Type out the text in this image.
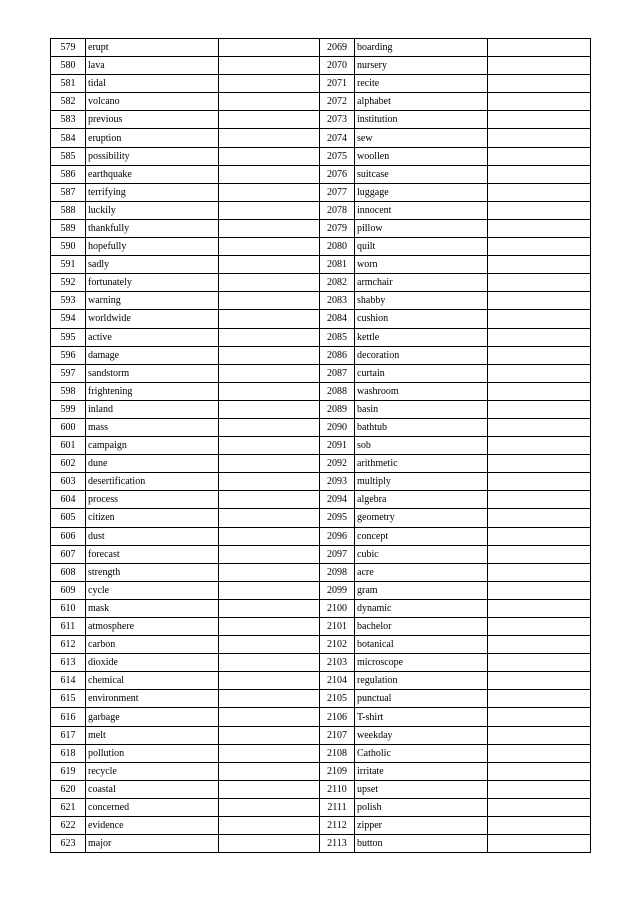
579	erupt		2069	boarding	
580	lava		2070	nursery	
581	tidal		2071	recite	
582	volcano		2072	alphabet	
583	previous		2073	institution	
584	eruption		2074	sew	
585	possibility		2075	woollen	
586	earthquake		2076	suitcase	
587	terrifying		2077	luggage	
588	luckily		2078	innocent	
589	thankfully		2079	pillow	
590	hopefully		2080	quilt	
591	sadly		2081	worn	
592	fortunately		2082	armchair	
593	warning		2083	shabby	
594	worldwide		2084	cushion	
595	active		2085	kettle	
596	damage		2086	decoration	
597	sandstorm		2087	curtain	
598	frightening		2088	washroom	
599	inland		2089	basin	
600	mass		2090	bathtub	
601	campaign		2091	sob	
602	dune		2092	arithmetic	
603	desertification		2093	multiply	
604	process		2094	algebra	
605	citizen		2095	geometry	
606	dust		2096	concept	
607	forecast		2097	cubic	
608	strength		2098	acre	
609	cycle		2099	gram	
610	mask		2100	dynamic	
611	atmosphere		2101	bachelor	
612	carbon		2102	botanical	
613	dioxide		2103	microscope	
614	chemical		2104	regulation	
615	environment		2105	punctual	
616	garbage		2106	T-shirt	
617	melt		2107	weekday	
618	pollution		2108	Catholic	
619	recycle		2109	irritate	
620	coastal		2110	upset	
621	concerned		2111	polish	
622	evidence		2112	zipper	
623	major		2113	button	
